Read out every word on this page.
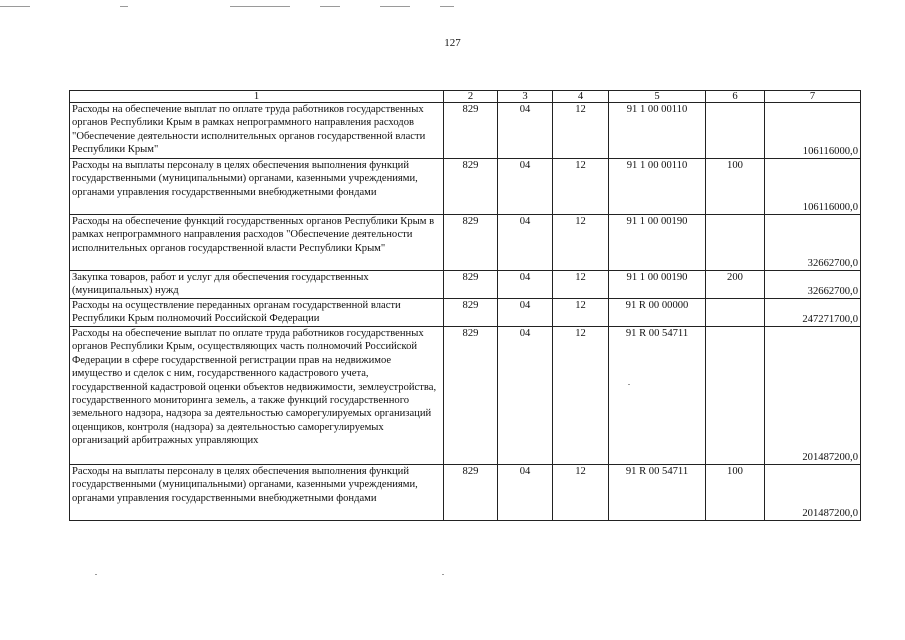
127
1	2	3	4	5	6	7
Расходы на обеспечение выплат по оплате труда работников государственных органов Республики Крым в рамках непрограммного направления расходов "Обеспечение деятельности исполнительных органов государственной власти Республики Крым"	829	04	12	91 1 00 00110		106116000,0
Расходы на выплаты персоналу в целях обеспечения выполнения функций государственными (муниципальными) органами, казенными учреждениями, органами управления государственными внебюджетными фондами	829	04	12	91 1 00 00110	100	106116000,0
Расходы на обеспечение функций государственных органов Республики Крым в рамках непрограммного направления расходов "Обеспечение деятельности исполнительных органов государственной власти Республики Крым"	829	04	12	91 1 00 00190		32662700,0
Закупка товаров, работ и услуг для обеспечения государственных (муниципальных) нужд	829	04	12	91 1 00 00190	200	32662700,0
Расходы на осуществление переданных органам государственной власти Республики Крым полномочий Российской Федерации	829	04	12	91 R 00 00000		247271700,0
Расходы на обеспечение выплат по оплате труда работников государственных органов Республики Крым, осуществляющих часть полномочий Российской Федерации в сфере государственной регистрации прав на недвижимое имущество и сделок с ним, государственного кадастрового учета, государственной кадастровой оценки объектов недвижимости, землеустройства, государственного мониторинга земель, а также функций государственного земельного надзора, надзора за деятельностью саморегулируемых организаций оценщиков, контроля (надзора) за деятельностью саморегулируемых организаций арбитражных управляющих	829	04	12	91 R 00 54711		201487200,0
Расходы на выплаты персоналу в целях обеспечения выполнения функций государственными (муниципальными) органами, казенными учреждениями, органами управления государственными внебюджетными фондами	829	04	12	91 R 00 54711	100	201487200,0
